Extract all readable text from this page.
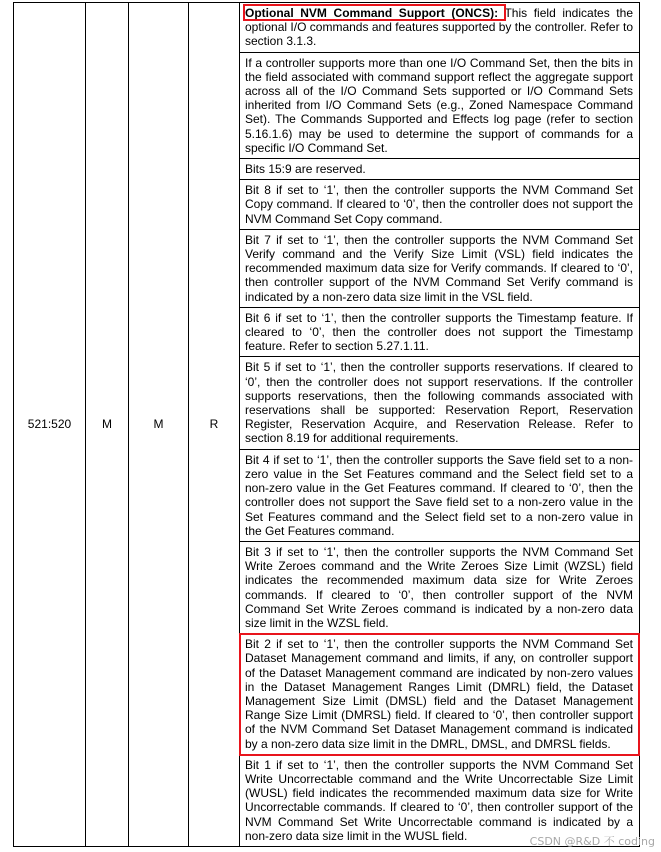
521:520	M	M	R	
Optional NVM Command Support (ONCS): This field indicates the optional I/O commands and features supported by the controller. Refer to section 3.1.3.
If a controller supports more than one I/O Command Set, then the bits in the field associated with command support reflect the aggregate support across all of the I/O Command Sets supported or I/O Command Sets inherited from I/O Command Sets (e.g., Zoned Namespace Command Set). The Commands Supported and Effects log page (refer to section 5.16.1.6) may be used to determine the support of commands for a specific I/O Command Set.
Bits 15:9 are reserved.
Bit 8 if set to ‘1’, then the controller supports the NVM Command Set Copy command. If cleared to ‘0’, then the controller does not support the NVM Command Set Copy command.
Bit 7 if set to ‘1’, then the controller supports the NVM Command Set Verify command and the Verify Size Limit (VSL) field indicates the recommended maximum data size for Verify commands. If cleared to ‘0’, then controller support of the NVM Command Set Verify command is indicated by a non-zero data size limit in the VSL field.
Bit 6 if set to ‘1’, then the controller supports the Timestamp feature. If cleared to ‘0’, then the controller does not support the Timestamp feature. Refer to section 5.27.1.11.
Bit 5 if set to ‘1’, then the controller supports reservations. If cleared to ‘0’, then the controller does not support reservations. If the controller supports reservations, then the following commands associated with reservations shall be supported: Reservation Report, Reservation Register, Reservation Acquire, and Reservation Release. Refer to section 8.19 for additional requirements.
Bit 4 if set to ‘1’, then the controller supports the Save field set to a non-zero value in the Set Features command and the Select field set to a non-zero value in the Get Features command. If cleared to ‘0’, then the controller does not support the Save field set to a non-zero value in the Set Features command and the Select field set to a non-zero value in the Get Features command.
Bit 3 if set to ‘1’, then the controller supports the NVM Command Set Write Zeroes command and the Write Zeroes Size Limit (WZSL) field indicates the recommended maximum data size for Write Zeroes commands. If cleared to ‘0’, then controller support of the NVM Command Set Write Zeroes command is indicated by a non-zero data size limit in the WZSL field.
Bit 2 if set to ‘1’, then the controller supports the NVM Command Set Dataset Management command and limits, if any, on controller support of the Dataset Management command are indicated by non-zero values in the Dataset Management Ranges Limit (DMRL) field, the Dataset Management Size Limit (DMSL) field and the Dataset Management Range Size Limit (DMRSL) field. If cleared to ‘0’, then controller support of the NVM Command Set Dataset Management command is indicated by a non-zero data size limit in the DMRL, DMSL, and DMRSL fields.
Bit 1 if set to ‘1’, then the controller supports the NVM Command Set Write Uncorrectable command and the Write Uncorrectable Size Limit (WUSL) field indicates the recommended maximum data size for Write Uncorrectable commands. If cleared to ‘0’, then controller support of the NVM Command Set Write Uncorrectable command is indicated by a non-zero data size limit in the WUSL field.	CSDN @R&D 不 coding
